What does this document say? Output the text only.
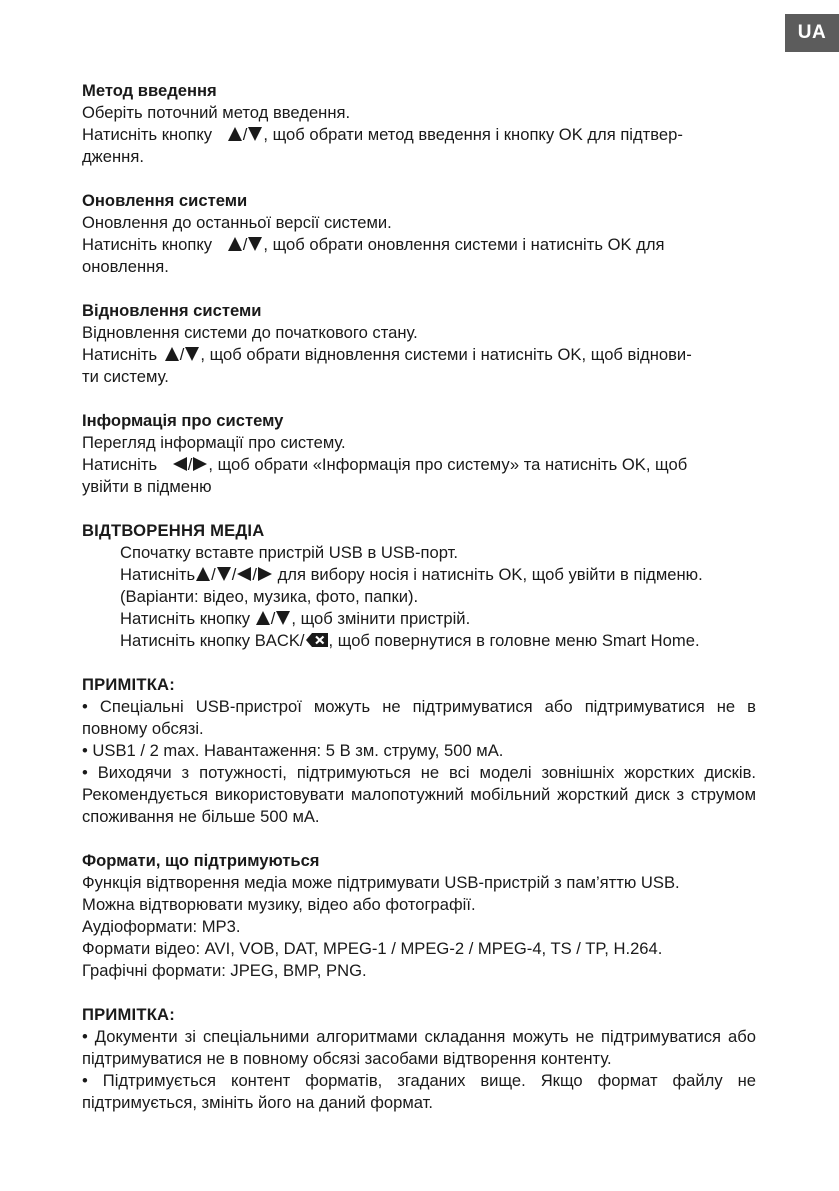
UA

Метод введення

Оберіть поточний метод введення.

Натисніть кнопку / , щоб обрати метод введення і кнопку OK для підтвер-

дження.

Оновлення системи

Оновлення до останньої версії системи.

Натисніть кнопку / , щоб обрати оновлення системи і натисніть OK для

оновлення.

Відновлення системи

Відновлення системи до початкового стану.

Натисніть / , щоб обрати відновлення системи і натисніть OK, щоб віднови-

ти систему.

Інформація про систему

Перегляд інформації про систему.

Натисніть / , щоб обрати «Інформація про систему» та натисніть OK, щоб

увійти в підменю

ВІДТВОРЕННЯ МЕДІА

Спочатку вставте пристрій USB в USB-порт.

Натисніть / / / для вибору носія і натисніть OK, щоб увійти в підменю.

(Варіанти: відео, музика, фото, папки).

Натисніть кнопку / , щоб змінити пристрій.

Натисніть кнопку BACK/ , щоб повернутися в головне меню Smart Home.

ПРИМІТКА:

• Спеціальні USB-пристрої можуть не підтримуватися або підтримуватися не в повному обсязі.

• USB1 / 2 max. Навантаження: 5 В зм. струму, 500 мА.

• Виходячи з потужності, підтримуються не всі моделі зовнішніх жорстких дисків. Рекомендується використовувати малопотужний мобільний жорсткий диск з струмом споживання не більше 500 мА.

Формати, що підтримуються

Функція відтворення медіа може підтримувати USB-пристрій з пам’яттю USB.

Можна відтворювати музику, відео або фотографії.

Аудіоформати: MP3.

Формати відео: AVI, VOB, DAT, MPEG-1 / MPEG-2 / MPEG-4, TS / TP, H.264.

Графічні формати: JPEG, BMP, PNG.

ПРИМІТКА:

• Документи зі спеціальними алгоритмами складання можуть не підтримуватися або підтримуватися не в повному обсязі засобами відтворення контенту.

• Підтримується контент форматів, згаданих вище. Якщо формат файлу не підтримується, змініть його на даний формат.
